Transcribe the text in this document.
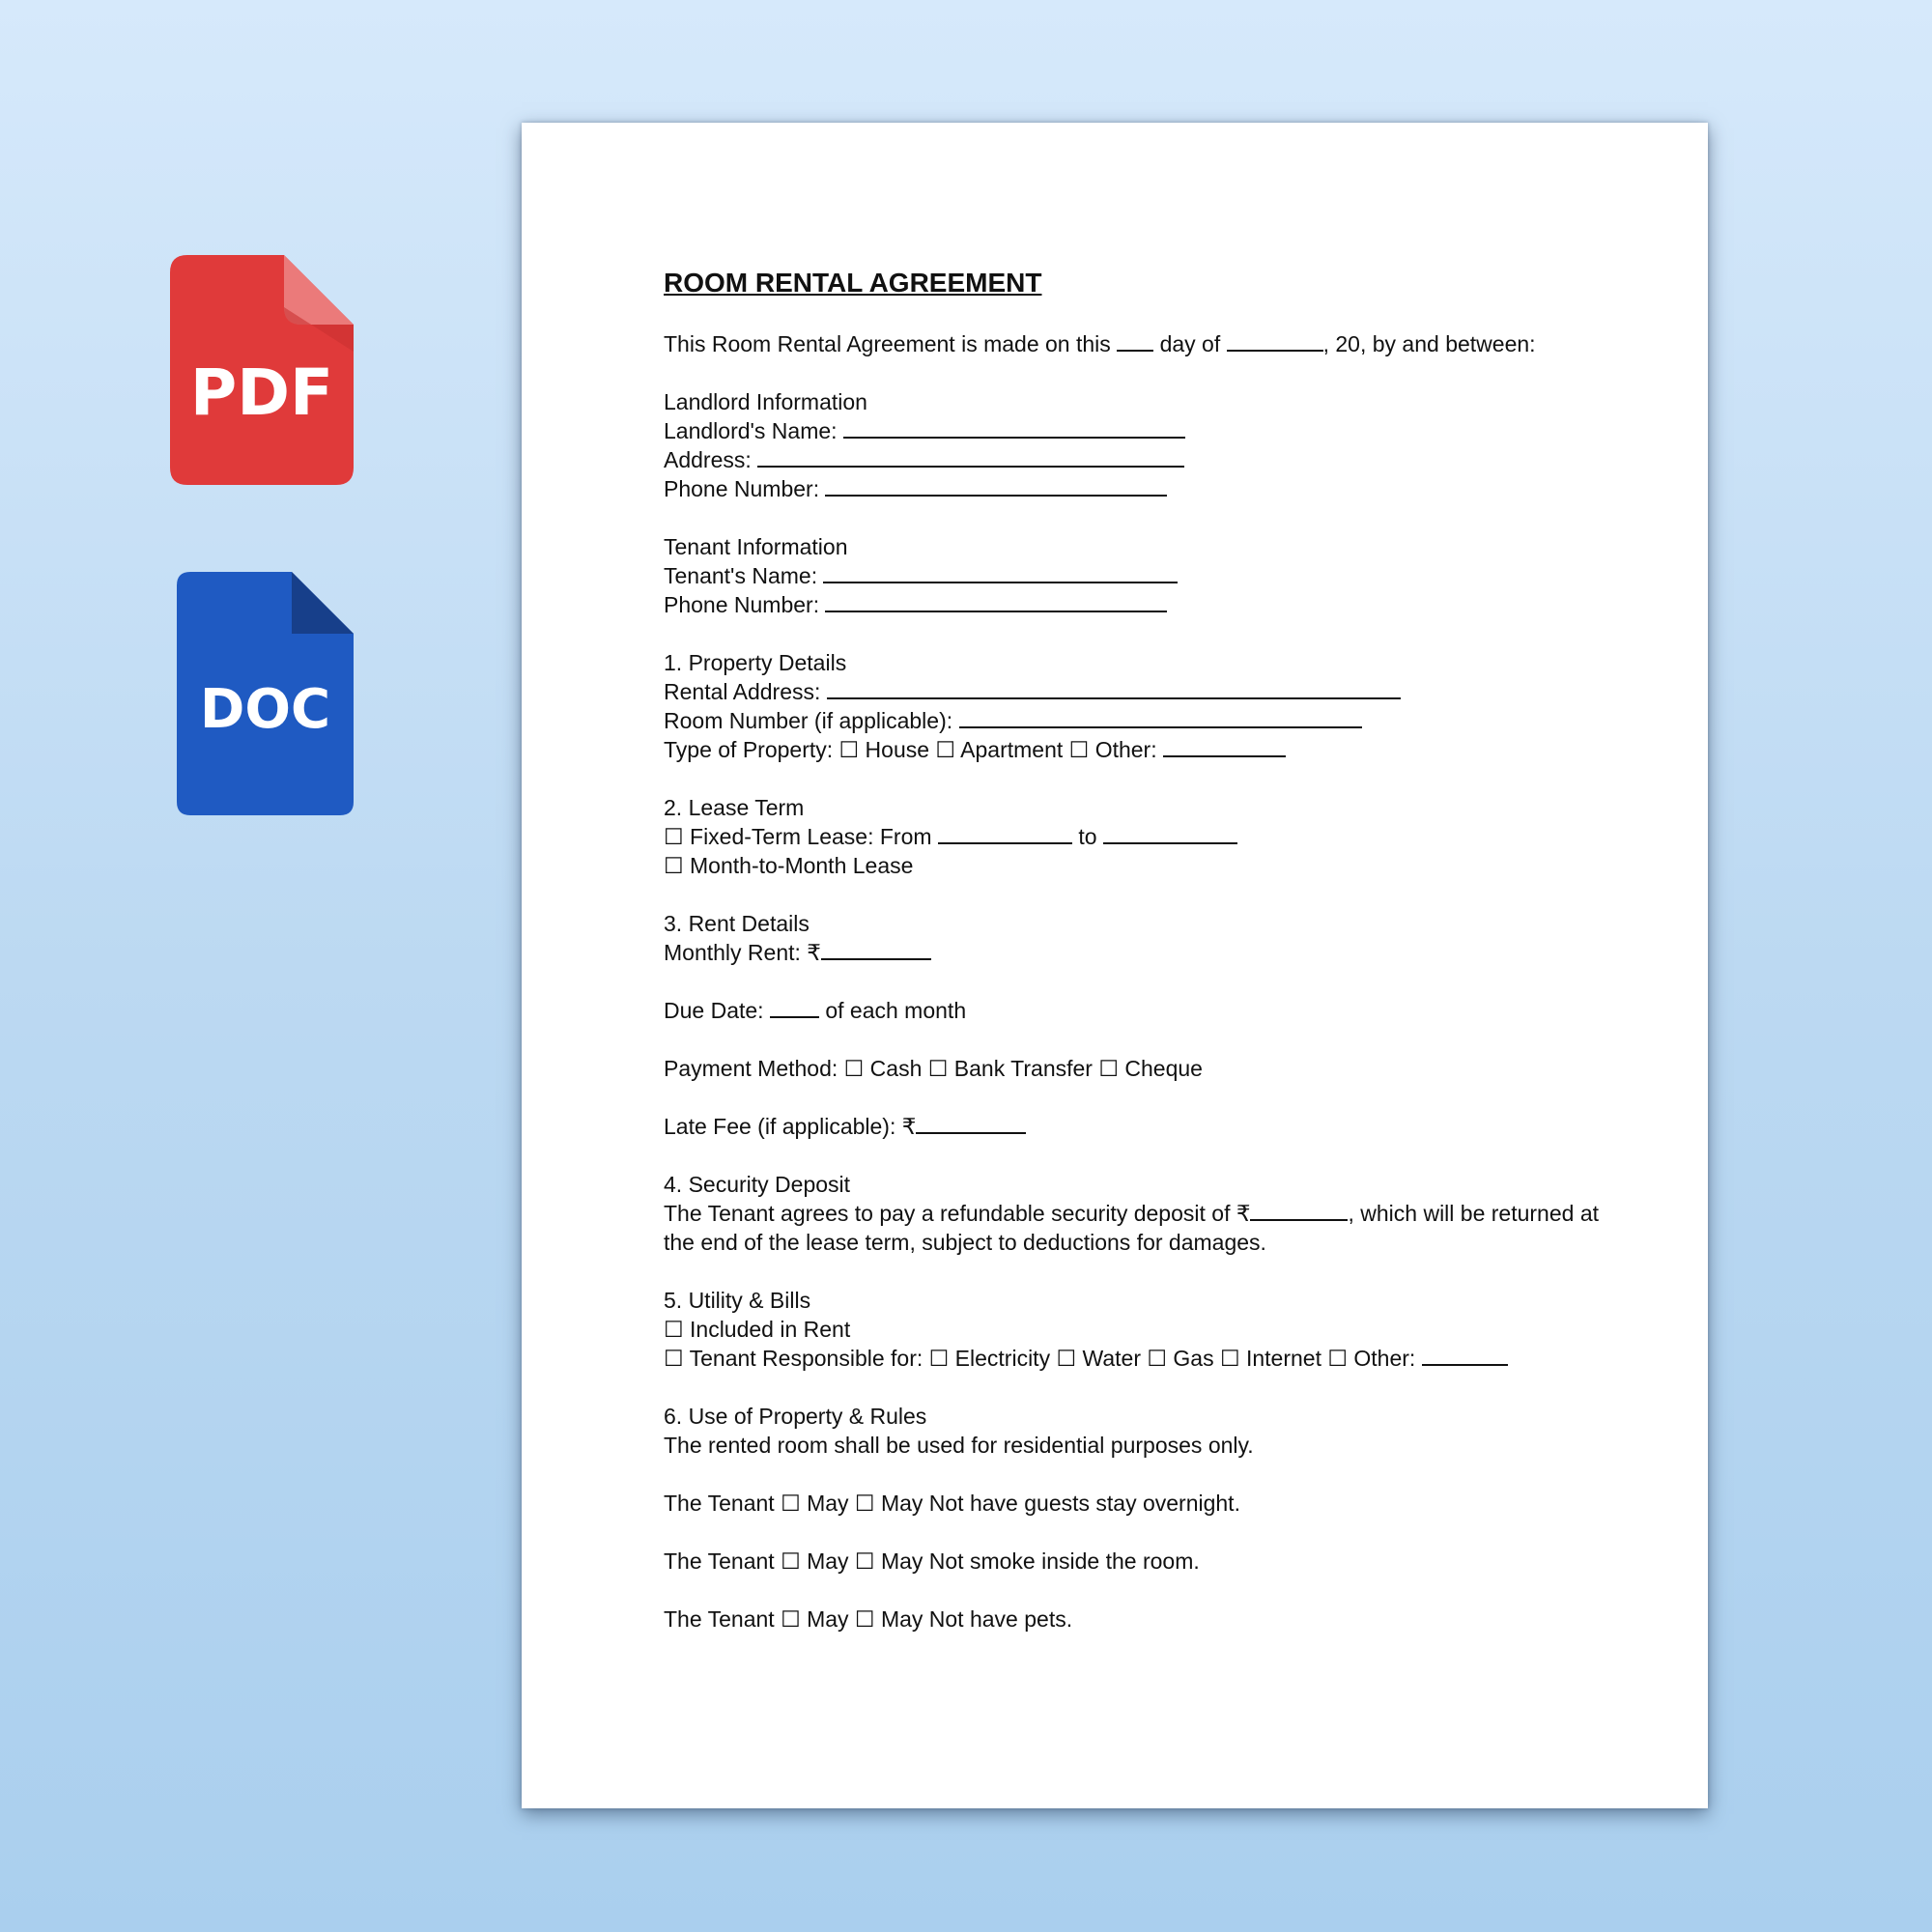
PDF
DOC
ROOM RENTAL AGREEMENT
This Room Rental Agreement is made on this day of	, 20, by and between:
Landlord Information
Landlord's Name:
Address:
Phone Number:
Tenant Information
Tenant's Name:
Phone Number:
1. Property Details
Rental Address:
Room Number (if applicable):
Type of Property: ☐ House ☐ Apartment ☐ Other:
2. Lease Term
☐ Fixed-Term Lease: From	to
☐ Month-to-Month Lease
3. Rent Details
Monthly Rent: ₹
Due Date:	of each month
Payment Method: ☐ Cash ☐ Bank Transfer ☐ Cheque
Late Fee (if applicable): ₹
4. Security Deposit
The Tenant agrees to pay a refundable security deposit of ₹	, which will be returned at the end of the lease term, subject to deductions for damages.
5. Utility & Bills
☐ Included in Rent
☐ Tenant Responsible for: ☐ Electricity ☐ Water ☐ Gas ☐ Internet ☐ Other:
6. Use of Property & Rules
The rented room shall be used for residential purposes only.
The Tenant ☐ May ☐ May Not have guests stay overnight.
The Tenant ☐ May ☐ May Not smoke inside the room.
The Tenant ☐ May ☐ May Not have pets.
